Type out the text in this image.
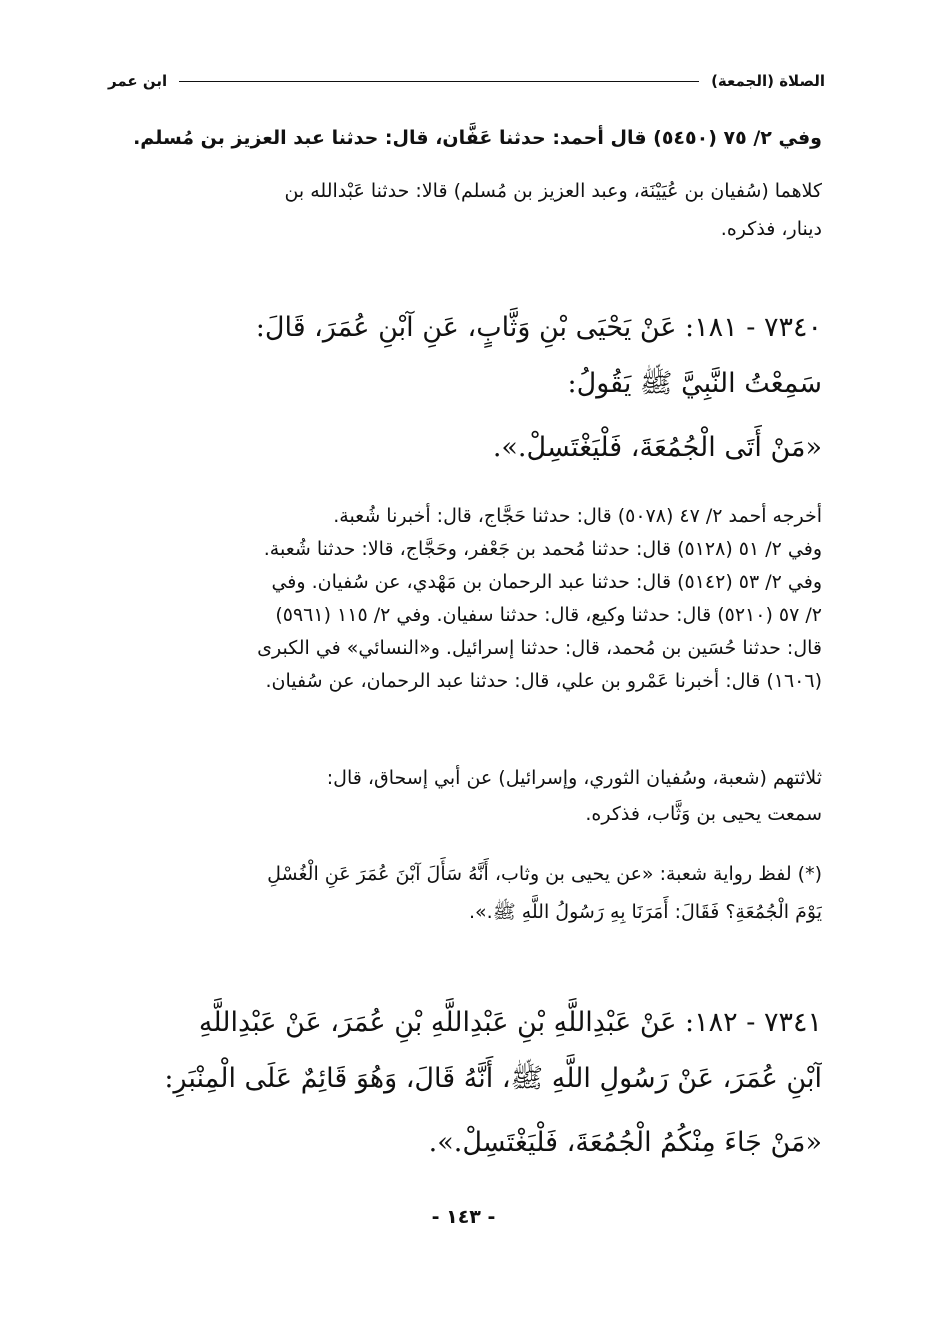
الصلاة (الجمعة)
ابن عمر
وفي ٢/ ٧٥ (٥٤٥٠) قال أحمد: حدثنا عَفَّان، قال: حدثنا عبد العزيز بن مُسلم.
كلاهما (سُفيان بن عُيَيْنَة، وعبد العزيز بن مُسلم) قالا: حدثنا عَبْدالله بن
دينار، فذكره.
٧٣٤٠ - ١٨١: عَنْ يَحْيَى بْنِ وَثَّابٍ، عَنِ آبْنِ عُمَرَ، قَالَ:
سَمِعْتُ النَّبِيَّ ﷺ يَقُولُ:
«مَنْ أَتَى الْجُمُعَةَ، فَلْيَغْتَسِلْ.».
أخرجه أحمد ٢/ ٤٧ (٥٠٧٨) قال: حدثنا حَجَّاج، قال: أخبرنا شُعبة.
وفي ٢/ ٥١ (٥١٢٨) قال: حدثنا مُحمد بن جَعْفر، وحَجَّاج، قالا: حدثنا شُعبة.
وفي ٢/ ٥٣ (٥١٤٢) قال: حدثنا عبد الرحمان بن مَهْدي، عن سُفيان. وفي
٢/ ٥٧ (٥٢١٠) قال: حدثنا وكيع، قال: حدثنا سفيان. وفي ٢/ ١١٥ (٥٩٦١)
قال: حدثنا حُسَين بن مُحمد، قال: حدثنا إسرائيل. و«النسائي» في الكبرى
(١٦٠٦) قال: أخبرنا عَمْرو بن علي، قال: حدثنا عبد الرحمان، عن سُفيان.
ثلاثتهم (شعبة، وسُفيان الثوري، وإسرائيل) عن أبي إسحاق، قال:
سمعت يحيى بن وَثَّاب، فذكره.
(*) لفظ رواية شعبة: «عن يحيى بن وثاب، أَنَّهُ سَأَلَ آبْنَ عُمَرَ عَنِ الْغُسْلِ
يَوْمَ الْجُمُعَةِ؟ فَقَالَ: أَمَرَنَا بِهِ رَسُولُ اللَّهِ ﷺ.».
٧٣٤١ - ١٨٢: عَنْ عَبْدِاللَّهِ بْنِ عَبْدِاللَّهِ بْنِ عُمَرَ، عَنْ عَبْدِاللَّهِ
آبْنِ عُمَرَ، عَنْ رَسُولِ اللَّهِ ﷺ، أَنَّهُ قَالَ، وَهُوَ قَائِمٌ عَلَى الْمِنْبَرِ:
«مَنْ جَاءَ مِنْكُمُ الْجُمُعَةَ، فَلْيَغْتَسِلْ.».
- ١٤٣ -
